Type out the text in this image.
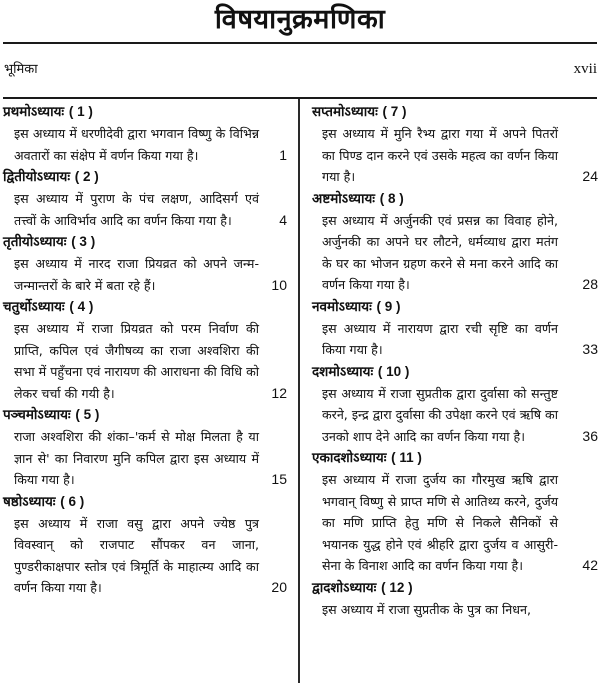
विषयानुक्रमणिका
भूमिका	xvii
प्रथमोऽध्यायः ( 1 )
इस अध्याय में धरणीदेवी द्वारा भगवान विष्णु के विभिन्न अवतारों का संक्षेप में वर्णन किया गया है।	1
द्वितीयोऽध्यायः ( 2 )
इस अध्याय में पुराण के पंच लक्षण, आदिसर्ग एवं तत्त्वों के आविर्भाव आदि का वर्णन किया गया है।	4
तृतीयोऽध्यायः ( 3 )
इस अध्याय में नारद राजा प्रियव्रत को अपने जन्म-जन्मान्तरों के बारे में बता रहे हैं।	10
चतुर्थोऽध्यायः ( 4 )
इस अध्याय में राजा प्रियव्रत को परम निर्वाण की प्राप्ति, कपिल एवं जैगीषव्य का राजा अश्वशिरा की सभा में पहुँचना एवं नारायण की आराधना की विधि को लेकर चर्चा की गयी है।	12
पञ्चमोऽध्यायः ( 5 )
राजा अश्वशिरा की शंका–'कर्म से मोक्ष मिलता है या ज्ञान से' का निवारण मुनि कपिल द्वारा इस अध्याय में किया गया है।	15
षष्ठोऽध्यायः ( 6 )
इस अध्याय में राजा वसु द्वारा अपने ज्येष्ठ पुत्र विवस्वान् को राजपाट सौंपकर वन जाना, पुण्डरीकाक्षपार स्तोत्र एवं त्रिमूर्ति के माहात्म्य आदि का वर्णन किया गया है।	20
सप्तमोऽध्यायः ( 7 )
इस अध्याय में मुनि रैभ्य द्वारा गया में अपने पितरों का पिण्ड दान करने एवं उसके महत्व का वर्णन किया गया है।	24
अष्टमोऽध्यायः ( 8 )
इस अध्याय में अर्जुनकी एवं प्रसन्न का विवाह होने, अर्जुनकी का अपने घर लौटने, धर्मव्याध द्वारा मतंग के घर का भोजन ग्रहण करने से मना करने आदि का वर्णन किया गया है।	28
नवमोऽध्यायः ( 9 )
इस अध्याय में नारायण द्वारा रची सृष्टि का वर्णन किया गया है।	33
दशमोऽध्यायः ( 10 )
इस अध्याय में राजा सुप्रतीक द्वारा दुर्वासा को सन्तुष्ट करने, इन्द्र द्वारा दुर्वासा की उपेक्षा करने एवं ऋषि का उनको शाप देने आदि का वर्णन किया गया है।	36
एकादशोऽध्यायः ( 11 )
इस अध्याय में राजा दुर्जय का गौरमुख ऋषि द्वारा भगवान् विष्णु से प्राप्त मणि से आतिथ्य करने, दुर्जय का मणि प्राप्ति हेतु मणि से निकले सैनिकों से भयानक युद्ध होने एवं श्रीहरि द्वारा दुर्जय व आसुरी-सेना के विनाश आदि का वर्णन किया गया है।	42
द्वादशोऽध्यायः ( 12 )
इस अध्याय में राजा सुप्रतीक के पुत्र का निधन,
